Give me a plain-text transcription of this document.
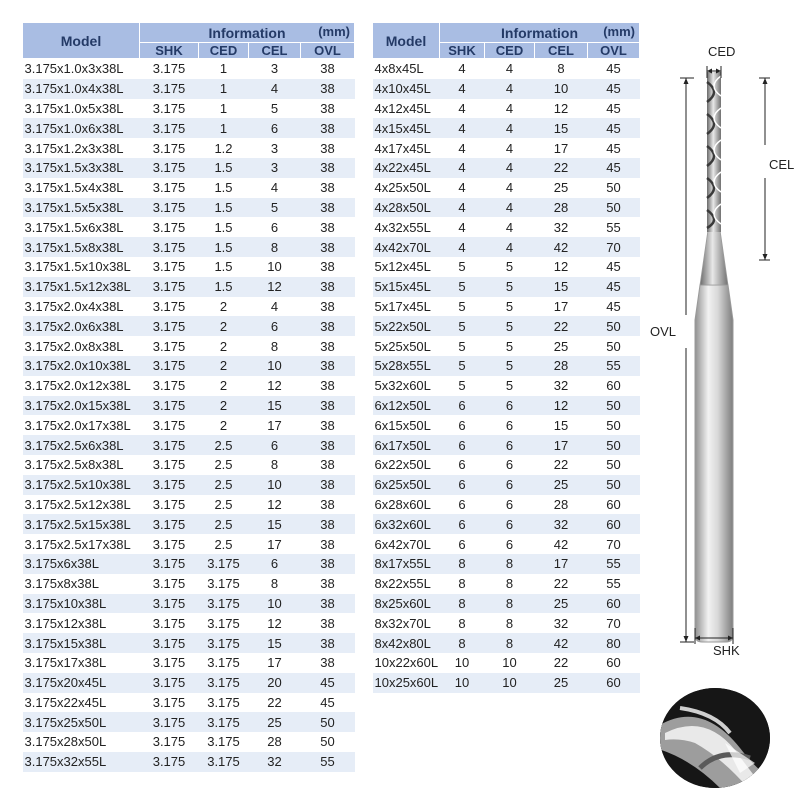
Model	Information (mm)			

	SHK	CED	CEL	OVL
3.175x1.0x3x38L	3.175	1	3	38
3.175x1.0x4x38L	3.175	1	4	38
3.175x1.0x5x38L	3.175	1	5	38
3.175x1.0x6x38L	3.175	1	6	38
3.175x1.2x3x38L	3.175	1.2	3	38
3.175x1.5x3x38L	3.175	1.5	3	38
3.175x1.5x4x38L	3.175	1.5	4	38
3.175x1.5x5x38L	3.175	1.5	5	38
3.175x1.5x6x38L	3.175	1.5	6	38
3.175x1.5x8x38L	3.175	1.5	8	38
3.175x1.5x10x38L	3.175	1.5	10	38
3.175x1.5x12x38L	3.175	1.5	12	38
3.175x2.0x4x38L	3.175	2	4	38
3.175x2.0x6x38L	3.175	2	6	38
3.175x2.0x8x38L	3.175	2	8	38
3.175x2.0x10x38L	3.175	2	10	38
3.175x2.0x12x38L	3.175	2	12	38
3.175x2.0x15x38L	3.175	2	15	38
3.175x2.0x17x38L	3.175	2	17	38
3.175x2.5x6x38L	3.175	2.5	6	38
3.175x2.5x8x38L	3.175	2.5	8	38
3.175x2.5x10x38L	3.175	2.5	10	38
3.175x2.5x12x38L	3.175	2.5	12	38
3.175x2.5x15x38L	3.175	2.5	15	38
3.175x2.5x17x38L	3.175	2.5	17	38
3.175x6x38L	3.175	3.175	6	38
3.175x8x38L	3.175	3.175	8	38
3.175x10x38L	3.175	3.175	10	38
3.175x12x38L	3.175	3.175	12	38
3.175x15x38L	3.175	3.175	15	38
3.175x17x38L	3.175	3.175	17	38
3.175x20x45L	3.175	3.175	20	45
3.175x22x45L	3.175	3.175	22	45
3.175x25x50L	3.175	3.175	25	50
3.175x28x50L	3.175	3.175	28	50
3.175x32x55L	3.175	3.175	32	55
Model	Information (mm)			

	SHK	CED	CEL	OVL
4x8x45L	4	4	8	45
4x10x45L	4	4	10	45
4x12x45L	4	4	12	45
4x15x45L	4	4	15	45
4x17x45L	4	4	17	45
4x22x45L	4	4	22	45
4x25x50L	4	4	25	50
4x28x50L	4	4	28	50
4x32x55L	4	4	32	55
4x42x70L	4	4	42	70
5x12x45L	5	5	12	45
5x15x45L	5	5	15	45
5x17x45L	5	5	17	45
5x22x50L	5	5	22	50
5x25x50L	5	5	25	50
5x28x55L	5	5	28	55
5x32x60L	5	5	32	60
6x12x50L	6	6	12	50
6x15x50L	6	6	15	50
6x17x50L	6	6	17	50
6x22x50L	6	6	22	50
6x25x50L	6	6	25	50
6x28x60L	6	6	28	60
6x32x60L	6	6	32	60
6x42x70L	6	6	42	70
8x17x55L	8	8	17	55
8x22x55L	8	8	22	55
8x25x60L	8	8	25	60
8x32x70L	8	8	32	70
8x42x80L	8	8	42	80
10x22x60L	10	10	22	60
10x25x60L	10	10	25	60
CED
CEL
OVL
SHK
